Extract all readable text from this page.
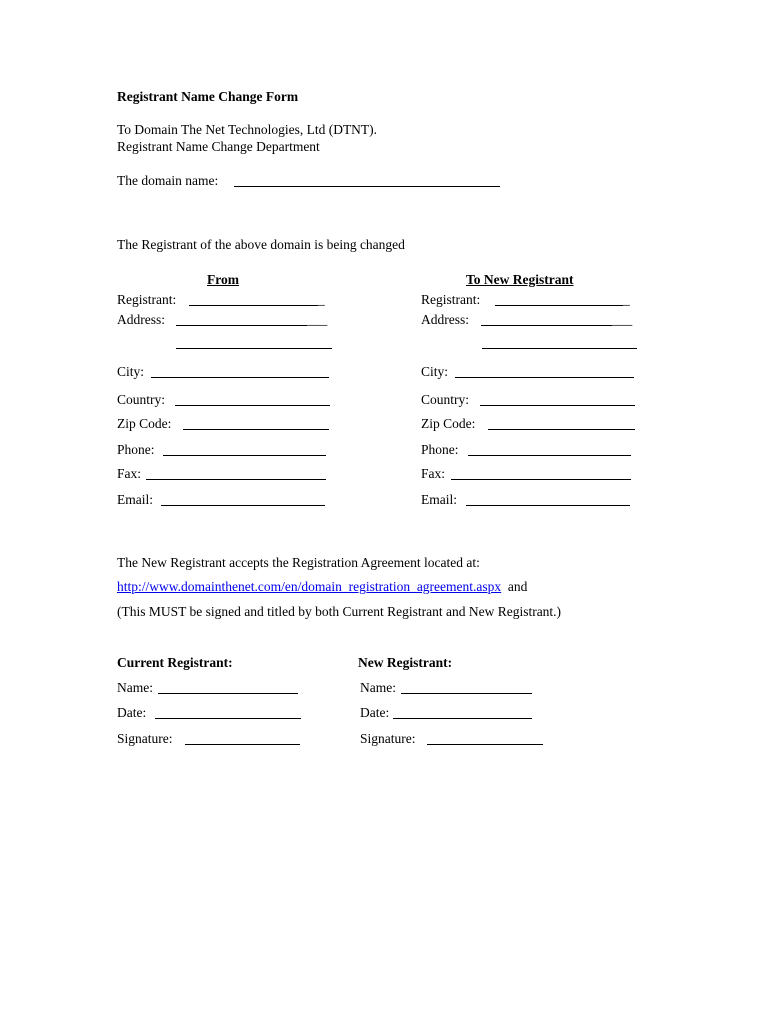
Registrant Name Change Form
To Domain The Net Technologies, Ltd (DTNT).
Registrant Name Change Department
The domain name:
The Registrant of the above domain is being changed
From
Registrant:	_
Address:	___
City:
Country:
Zip Code:
Phone:
Fax:
Email:
To New Registrant
Registrant:	_
Address:	___
City:
Country:
Zip Code:
Phone:
Fax:
Email:
The New Registrant accepts the Registration Agreement located at:
http://www.domainthenet.com/en/domain_registration_agreement.aspx and
(This MUST be signed and titled by both Current Registrant and New Registrant.)
Current Registrant:
Name:
Date:
Signature:
New Registrant:
Name:
Date:
Signature:
